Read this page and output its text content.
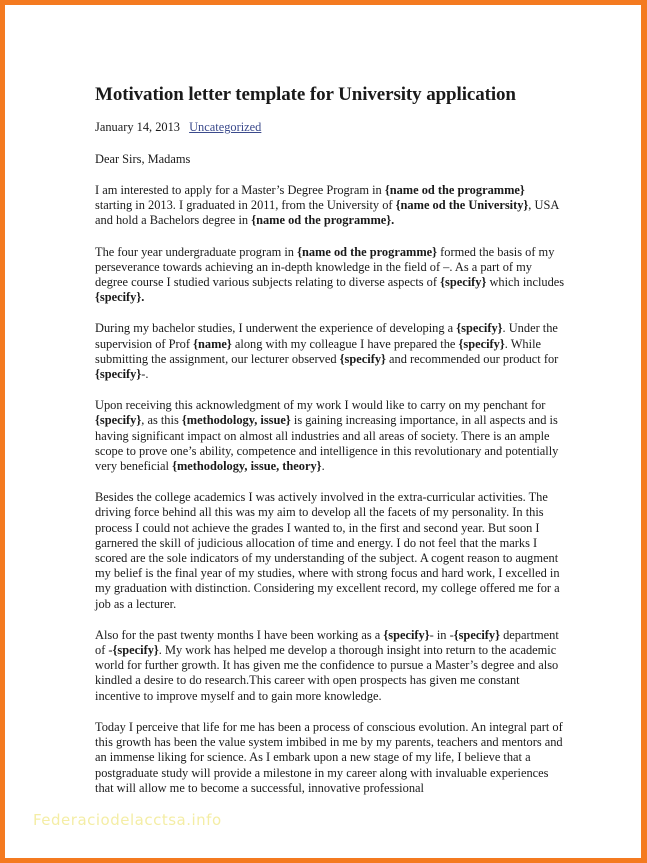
Motivation letter template for University application
January 14, 2013 Uncategorized
Dear Sirs, Madams

I am interested to apply for a Master’s Degree Program in {name od the programme} starting in 2013. I graduated in 2011, from the University of {name od the University}, USA and hold a Bachelors degree in {name od the programme}.

The four year undergraduate program in {name od the programme} formed the basis of my perseverance towards achieving an in-depth knowledge in the field of –. As a part of my degree course I studied various subjects relating to diverse aspects of {specify} which includes {specify}.

During my bachelor studies, I underwent the experience of developing a {specify}. Under the supervision of Prof {name} along with my colleague I have prepared the {specify}. While submitting the assignment, our lecturer observed {specify} and recommended our product for {specify}-.

Upon receiving this acknowledgment of my work I would like to carry on my penchant for {specify}, as this {methodology, issue} is gaining increasing importance, in all aspects and is having significant impact on almost all industries and all areas of society. There is an ample scope to prove one’s ability, competence and intelligence in this revolutionary and potentially very beneficial {methodology, issue, theory}.

Besides the college academics I was actively involved in the extra-curricular activities. The driving force behind all this was my aim to develop all the facets of my personality. In this process I could not achieve the grades I wanted to, in the first and second year. But soon I garnered the skill of judicious allocation of time and energy. I do not feel that the marks I scored are the sole indicators of my understanding of the subject. A cogent reason to augment my belief is the final year of my studies, where with strong focus and hard work, I excelled in my graduation with distinction. Considering my excellent record, my college offered me for a job as a lecturer.

Also for the past twenty months I have been working as a {specify}- in -{specify} department of -{specify}. My work has helped me develop a thorough insight into return to the academic world for further growth. It has given me the confidence to pursue a Master’s degree and also kindled a desire to do research.This career with open prospects has given me constant incentive to improve myself and to gain more knowledge.

Today I perceive that life for me has been a process of conscious evolution. An integral part of this growth has been the value system imbibed in me by my parents, teachers and mentors and an immense liking for science. As I embark upon a new stage of my life, I believe that a postgraduate study will provide a milestone in my career along with invaluable experiences that will allow me to become a successful, innovative professional

Federaciodelacctsa.info
